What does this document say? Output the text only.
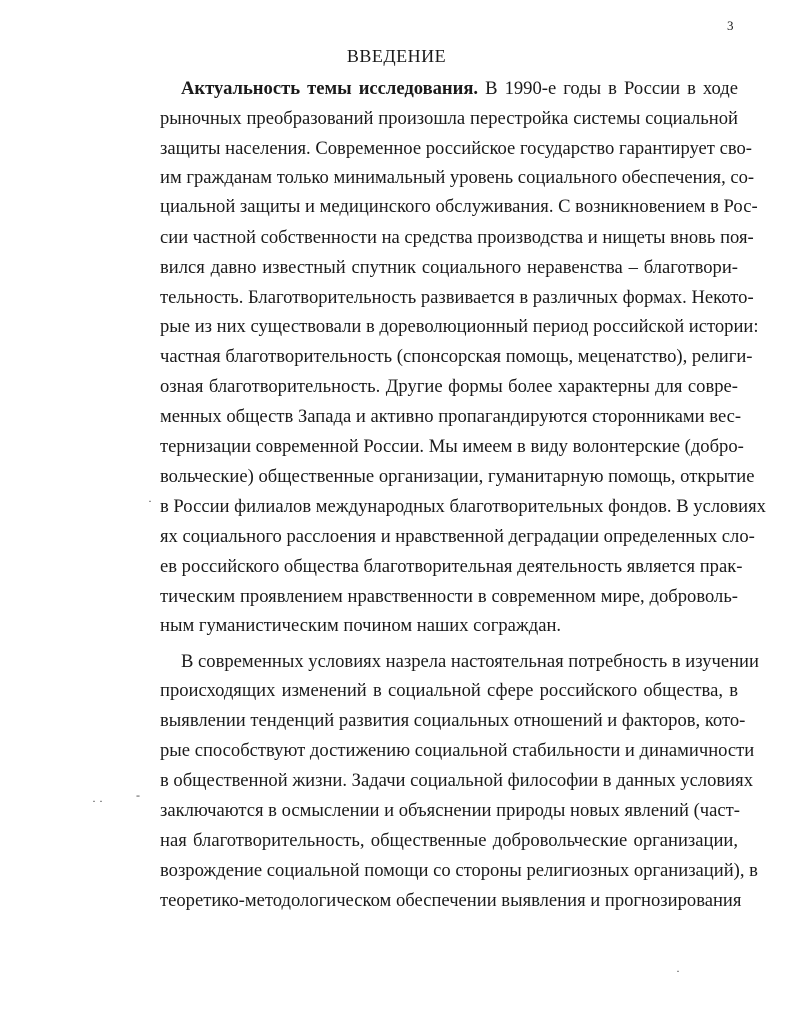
3
ВВЕДЕНИЕ
Актуальность темы исследования. В 1990-е годы в России в ходе
рыночных преобразований произошла перестройка системы социальной
защиты населения. Современное российское государство гарантирует сво-
им гражданам только минимальный уровень социального обеспечения, со-
циальной защиты и медицинского обслуживания. С возникновением в Рос-
сии частной собственности на средства производства и нищеты вновь поя-
вился давно известный спутник социального неравенства – благотвори-
тельность. Благотворительность развивается в различных формах. Некото-
рые из них существовали в дореволюционный период российской истории:
частная благотворительность (спонсорская помощь, меценатство), религи-
озная благотворительность. Другие формы более характерны для совре-
менных обществ Запада и активно пропагандируются сторонниками вес-
тернизации современной России. Мы имеем в виду волонтерские (добро-
вольческие) общественные организации, гуманитарную помощь, открытие
в России филиалов международных благотворительных фондов. В условиях
ях социального расслоения и нравственной деградации определенных сло-
ев российского общества благотворительная деятельность является прак-
тическим проявлением нравственности в современном мире, доброволь-
ным гуманистическим почином наших сограждан.
В современных условиях назрела настоятельная потребность в изучении
происходящих изменений в социальной сфере российского общества, в
выявлении тенденций развития социальных отношений и факторов, кото-
рые способствуют достижению социальной стабильности и динамичности
в общественной жизни. Задачи социальной философии в данных условиях
заключаются в осмыслении и объяснении природы новых явлений (част-
ная благотворительность, общественные добровольческие организации,
возрождение социальной помощи со стороны религиозных организаций), в
теоретико-методологическом обеспечении выявления и прогнозирования
·
· ·	-
·
